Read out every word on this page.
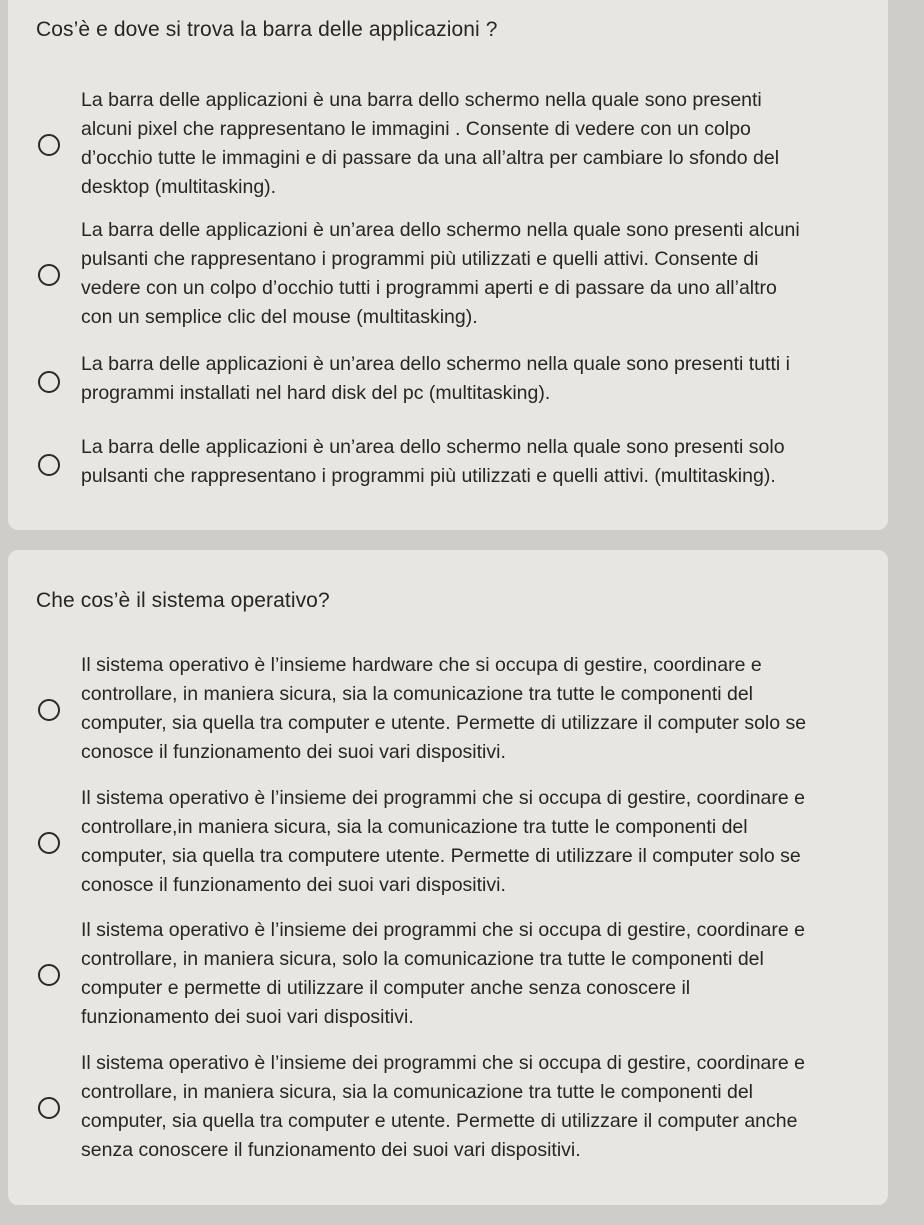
Cos’è e dove si trova la barra delle applicazioni ?
La barra delle applicazioni è una barra dello schermo nella quale sono presenti
alcuni pixel che rappresentano le immagini . Consente di vedere con un colpo
d’occhio tutte le immagini e di passare da una all’altra per cambiare lo sfondo del
desktop (multitasking).
La barra delle applicazioni è un’area dello schermo nella quale sono presenti alcuni
pulsanti che rappresentano i programmi più utilizzati e quelli attivi. Consente di
vedere con un colpo d’occhio tutti i programmi aperti e di passare da uno all’altro
con un semplice clic del mouse (multitasking).
La barra delle applicazioni è un’area dello schermo nella quale sono presenti tutti i
programmi installati nel hard disk del pc (multitasking).
La barra delle applicazioni è un’area dello schermo nella quale sono presenti solo
pulsanti che rappresentano i programmi più utilizzati e quelli attivi. (multitasking).
Che cos’è il sistema operativo?
Il sistema operativo è l’insieme hardware che si occupa di gestire, coordinare e
controllare, in maniera sicura, sia la comunicazione tra tutte le componenti del
computer, sia quella tra computer e utente. Permette di utilizzare il computer solo se
conosce il funzionamento dei suoi vari dispositivi.
Il sistema operativo è l’insieme dei programmi che si occupa di gestire, coordinare e
controllare,in maniera sicura, sia la comunicazione tra tutte le componenti del
computer, sia quella tra computere utente. Permette di utilizzare il computer solo se
conosce il funzionamento dei suoi vari dispositivi.
Il sistema operativo è l’insieme dei programmi che si occupa di gestire, coordinare e
controllare, in maniera sicura, solo la comunicazione tra tutte le componenti del
computer e permette di utilizzare il computer anche senza conoscere il
funzionamento dei suoi vari dispositivi.
Il sistema operativo è l’insieme dei programmi che si occupa di gestire, coordinare e
controllare, in maniera sicura, sia la comunicazione tra tutte le componenti del
computer, sia quella tra computer e utente. Permette di utilizzare il computer anche
senza conoscere il funzionamento dei suoi vari dispositivi.
